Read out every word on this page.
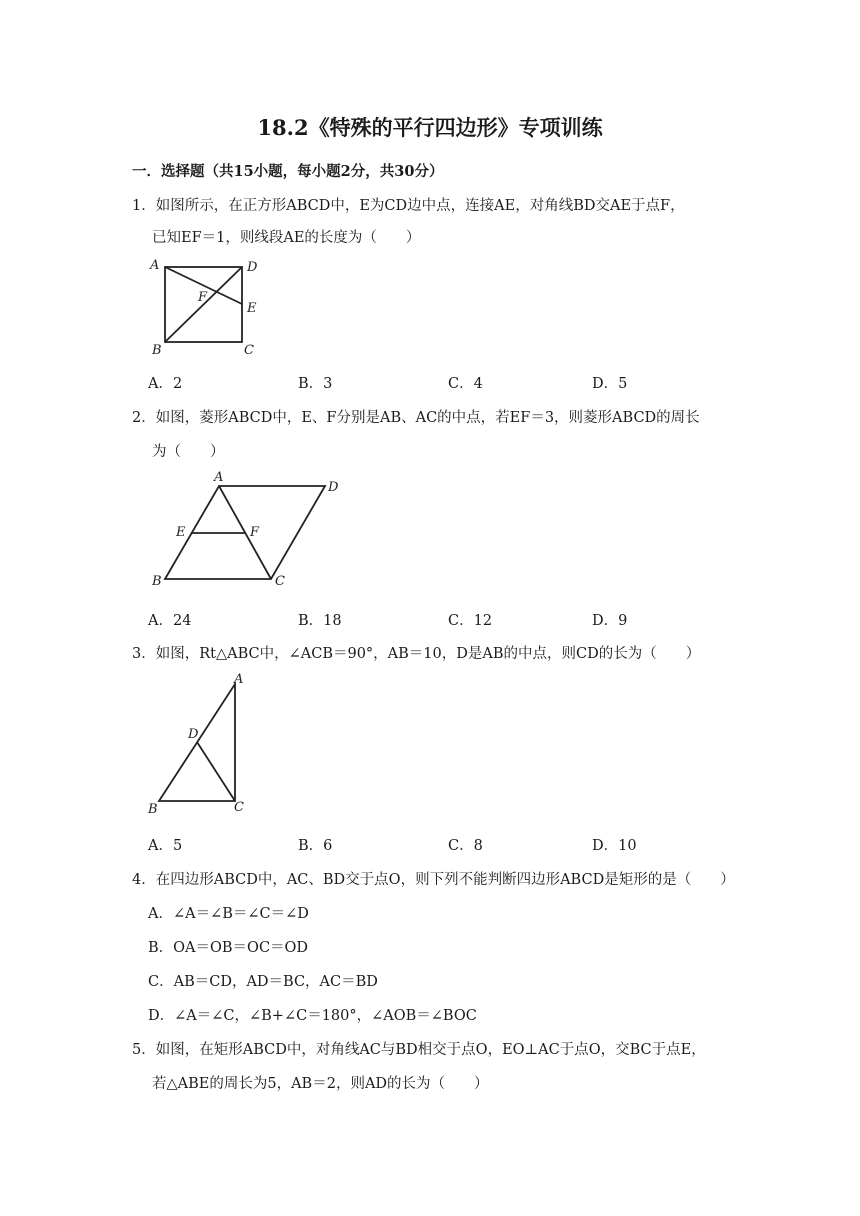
18.2《特殊的平行四边形》专项训练
一．选择题（共15小题，每小题2分，共30分）
1．如图所示，在正方形ABCD中，E为CD边中点，连接AE，对角线BD交AE于点F，
已知EF＝1，则线段AE的长度为（　　）
A	D
F
E
B	C
A．2	B．3	C．4	D．5
2．如图，菱形ABCD中，E、F分别是AB、AC的中点，若EF＝3，则菱形ABCD的周长
为（　　）
A
D
E	F
B	C
A．24	B．18	C．12	D．9
3．如图，Rt△ABC中，∠ACB＝90°，AB＝10，D是AB的中点，则CD的长为（　　）
A
D
B	C
A．5	B．6	C．8	D．10
4．在四边形ABCD中，AC、BD交于点O，则下列不能判断四边形ABCD是矩形的是（　　）
A．∠A＝∠B＝∠C＝∠D
B．OA＝OB＝OC＝OD
C．AB＝CD，AD＝BC，AC＝BD
D．∠A＝∠C，∠B+∠C＝180°，∠AOB＝∠BOC
5．如图，在矩形ABCD中，对角线AC与BD相交于点O，EO⊥AC于点O，交BC于点E，
若△ABE的周长为5，AB＝2，则AD的长为（　　）
